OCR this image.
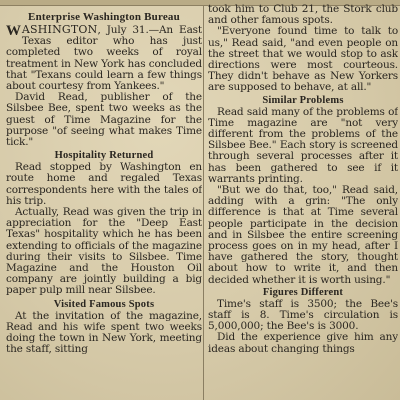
Enterprise Washington Bureau

W ASHINGTON, July 31.—An East Texas editor who has just completed two weeks of royal treatment in New York has concluded that "Texans could learn a few things about courtesy from Yankees."

David Read, publisher of the Silsbee Bee, spent two weeks as the guest of Time Magazine for the purpose "of seeing what makes Time tick."

Hospitality Returned

Read stopped by Washington en route home and regaled Texas correspondents here with the tales of his trip.

Actually, Read was given the trip in appreciation for the "Deep East Texas" hospitality which he has been extending to officials of the magazine during their visits to Silsbee. Time Magazine and the Houston Oil company are jointly building a big paper pulp mill near Silsbee.

Visited Famous Spots

At the invitation of the magazine, Read and his wife spent two weeks doing the town in New York, meeting the staff, sitting

took him to Club 21, the Stork club and other famous spots.

"Everyone found time to talk to us," Read said, "and even people on the street that we would stop to ask directions were most courteous. They didn't behave as New Yorkers are supposed to behave, at all."

Similar Problems

Read said many of the problems of Time magazine are "not very different from the problems of the Silsbee Bee." Each story is screened through several processes after it has been gathered to see if it warrants printing.

"But we do that, too," Read said, adding with a grin: "The only difference is that at Time several people participate in the decision and in Silsbee the entire screening process goes on in my head, after I have gathered the story, thought about how to write it, and then decided whether it is worth using."

Figures Different

Time's staff is 3500; the Bee's staff is 8. Time's circulation is 5,000,000; the Bee's is 3000.

Did the experience give him any ideas about changing things
